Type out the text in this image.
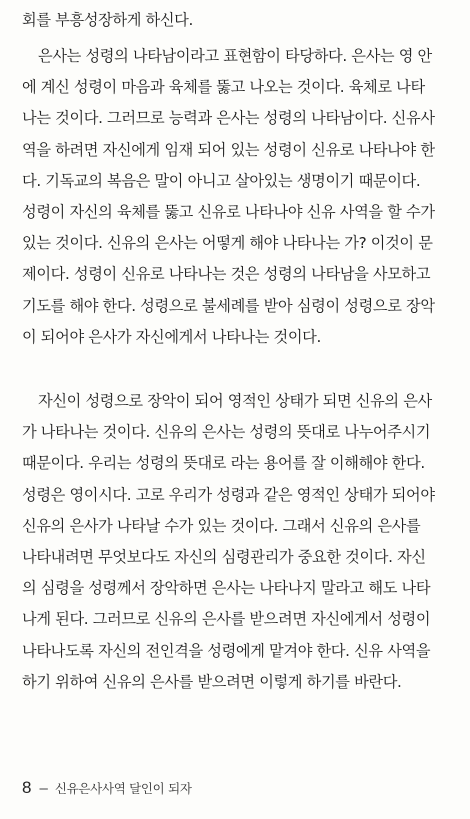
회를 부흥성장하게 하신다.
은사는 성령의 나타남이라고 표현함이 타당하다. 은사는 영 안
에 계신 성령이 마음과 육체를 뚫고 나오는 것이다. 육체로 나타
나는 것이다. 그러므로 능력과 은사는 성령의 나타남이다. 신유사
역을 하려면 자신에게 임재 되어 있는 성령이 신유로 나타나야 한
다. 기독교의 복음은 말이 아니고 살아있는 생명이기 때문이다.
성령이 자신의 육체를 뚫고 신유로 나타나야 신유 사역을 할 수가
있는 것이다. 신유의 은사는 어떻게 해야 나타나는 가? 이것이 문
제이다. 성령이 신유로 나타나는 것은 성령의 나타남을 사모하고
기도를 해야 한다. 성령으로 불세례를 받아 심령이 성령으로 장악
이 되어야 은사가 자신에게서 나타나는 것이다.
자신이 성령으로 장악이 되어 영적인 상태가 되면 신유의 은사
가 나타나는 것이다. 신유의 은사는 성령의 뜻대로 나누어주시기
때문이다. 우리는 성령의 뜻대로 라는 용어를 잘 이해해야 한다.
성령은 영이시다. 고로 우리가 성령과 같은 영적인 상태가 되어야
신유의 은사가 나타날 수가 있는 것이다. 그래서 신유의 은사를
나타내려면 무엇보다도 자신의 심령관리가 중요한 것이다. 자신
의 심령을 성령께서 장악하면 은사는 나타나지 말라고 해도 나타
나게 된다. 그러므로 신유의 은사를 받으려면 자신에게서 성령이
나타나도록 자신의 전인격을 성령에게 맡겨야 한다. 신유 사역을
하기 위하여 신유의 은사를 받으려면 이렇게 하기를 바란다.
8 – 신유은사사역 달인이 되자
